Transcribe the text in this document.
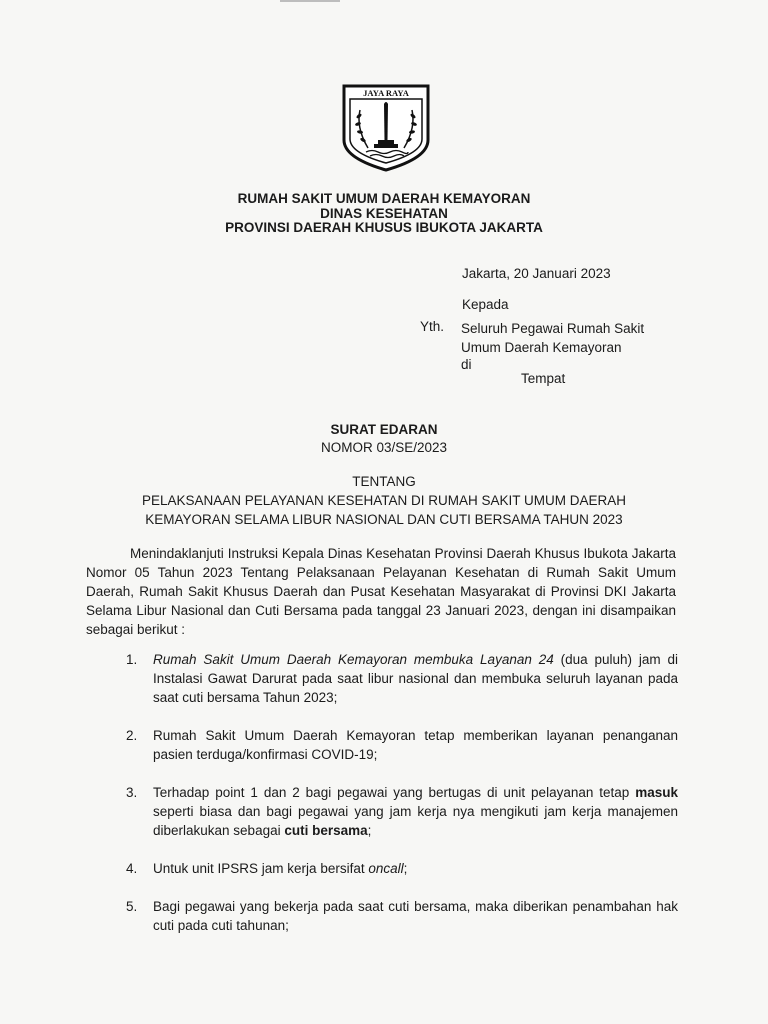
JAYA RAYA
RUMAH SAKIT UMUM DAERAH KEMAYORAN
DINAS KESEHATAN
PROVINSI DAERAH KHUSUS IBUKOTA JAKARTA
Jakarta, 20 Januari 2023
Kepada
Yth. Seluruh Pegawai Rumah Sakit
Umum Daerah Kemayoran
di
Tempat
SURAT EDARAN
NOMOR 03/SE/2023
TENTANG
PELAKSANAAN PELAYANAN KESEHATAN DI RUMAH SAKIT UMUM DAERAH
KEMAYORAN SELAMA LIBUR NASIONAL DAN CUTI BERSAMA TAHUN 2023
Menindaklanjuti Instruksi Kepala Dinas Kesehatan Provinsi Daerah Khusus Ibukota Jakarta Nomor 05 Tahun 2023 Tentang Pelaksanaan Pelayanan Kesehatan di Rumah Sakit Umum Daerah, Rumah Sakit Khusus Daerah dan Pusat Kesehatan Masyarakat di Provinsi DKI Jakarta Selama Libur Nasional dan Cuti Bersama pada tanggal 23 Januari 2023, dengan ini disampaikan sebagai berikut :
1. Rumah Sakit Umum Daerah Kemayoran membuka Layanan 24 (dua puluh) jam di Instalasi Gawat Darurat pada saat libur nasional dan membuka seluruh layanan pada saat cuti bersama Tahun 2023;
2. Rumah Sakit Umum Daerah Kemayoran tetap memberikan layanan penanganan pasien terduga/konfirmasi COVID-19;
3. Terhadap point 1 dan 2 bagi pegawai yang bertugas di unit pelayanan tetap masuk seperti biasa dan bagi pegawai yang jam kerja nya mengikuti jam kerja manajemen diberlakukan sebagai cuti bersama;
4. Untuk unit IPSRS jam kerja bersifat oncall;
5. Bagi pegawai yang bekerja pada saat cuti bersama, maka diberikan penambahan hak cuti pada cuti tahunan;
